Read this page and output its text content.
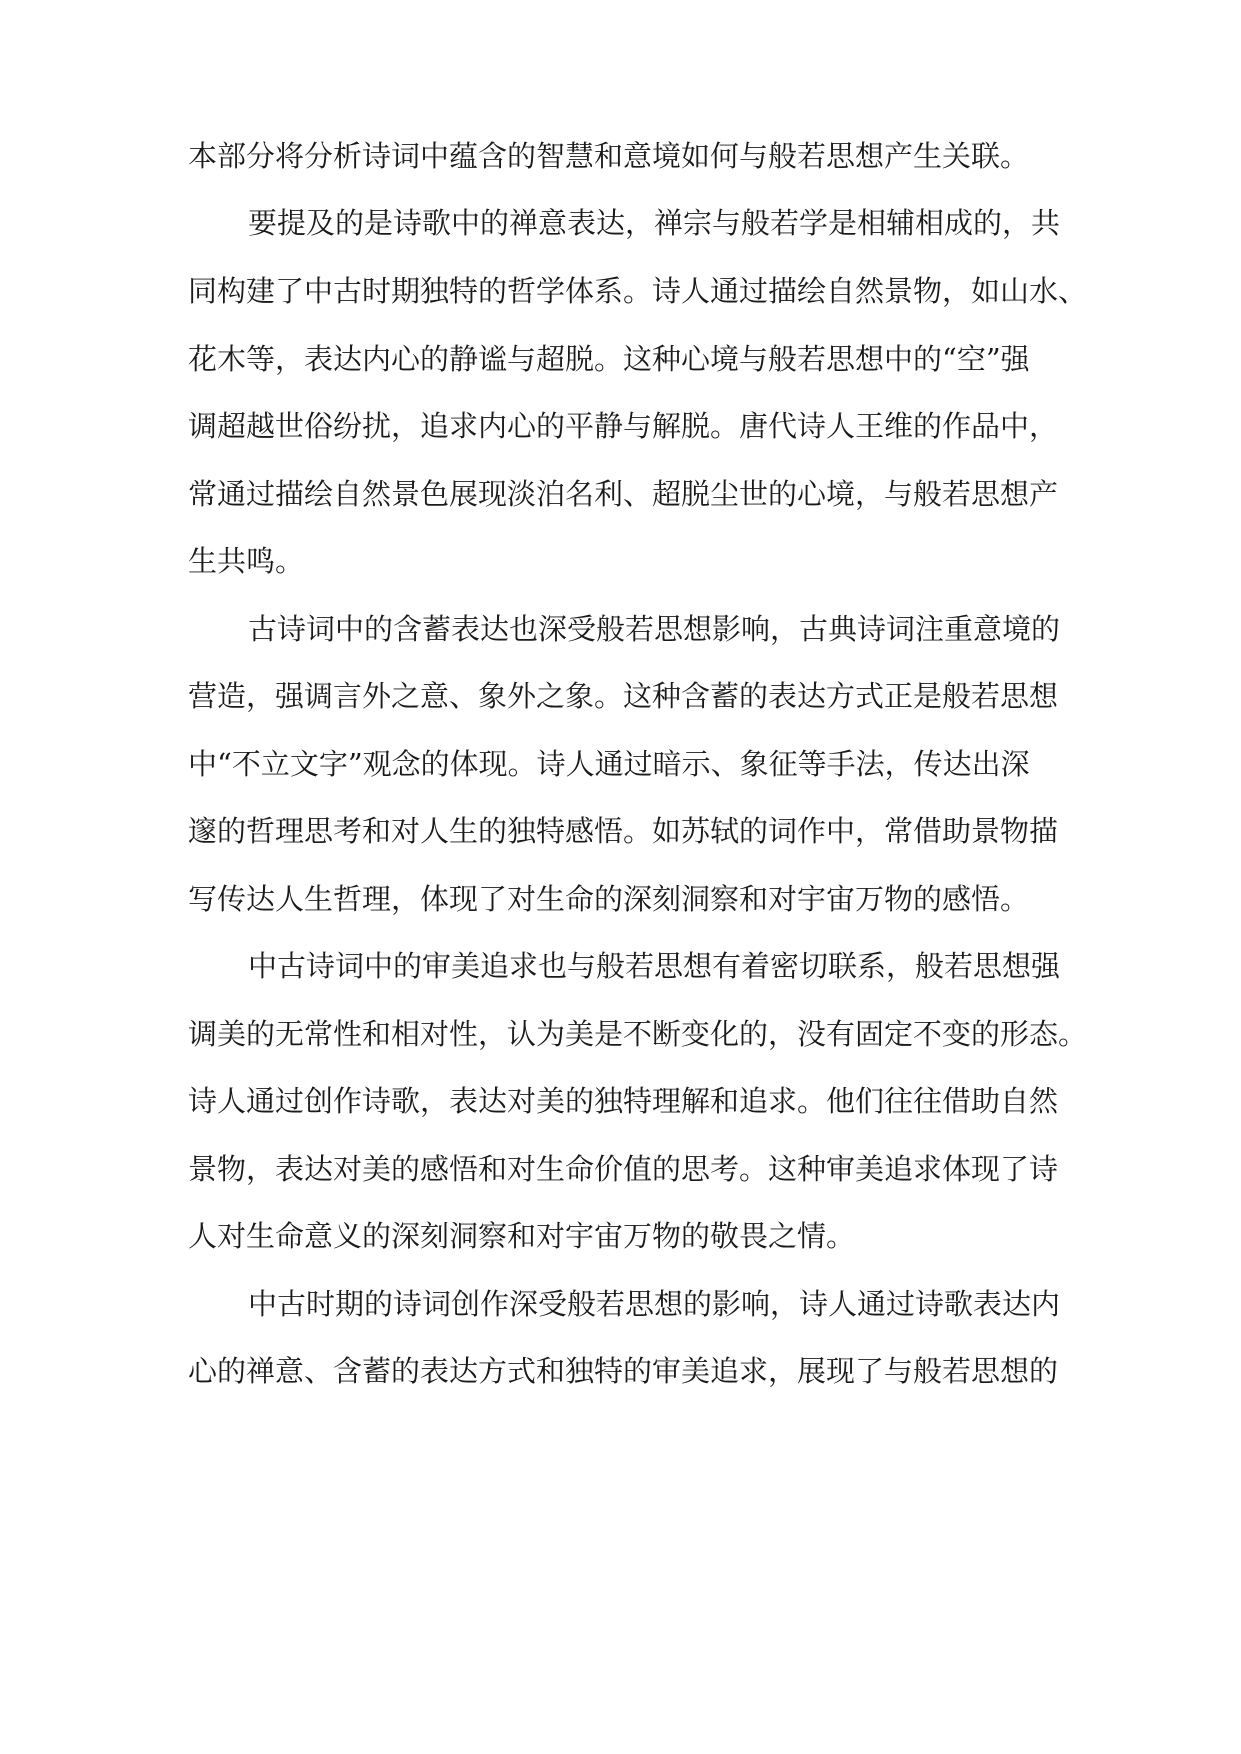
本部分将分析诗词中蕴含的智慧和意境如何与般若思想产生关联。
要提及的是诗歌中的禅意表达，禅宗与般若学是相辅相成的，共
同构建了中古时期独特的哲学体系。诗人通过描绘自然景物，如山水、
花木等，表达内心的静谧与超脱。这种心境与般若思想中的“空”强
调超越世俗纷扰，追求内心的平静与解脱。唐代诗人王维的作品中，
常通过描绘自然景色展现淡泊名利、超脱尘世的心境，与般若思想产
生共鸣。
古诗词中的含蓄表达也深受般若思想影响，古典诗词注重意境的
营造，强调言外之意、象外之象。这种含蓄的表达方式正是般若思想
中“不立文字”观念的体现。诗人通过暗示、象征等手法，传达出深
邃的哲理思考和对人生的独特感悟。如苏轼的词作中，常借助景物描
写传达人生哲理，体现了对生命的深刻洞察和对宇宙万物的感悟。
中古诗词中的审美追求也与般若思想有着密切联系，般若思想强
调美的无常性和相对性，认为美是不断变化的，没有固定不变的形态。
诗人通过创作诗歌，表达对美的独特理解和追求。他们往往借助自然
景物，表达对美的感悟和对生命价值的思考。这种审美追求体现了诗
人对生命意义的深刻洞察和对宇宙万物的敬畏之情。
中古时期的诗词创作深受般若思想的影响，诗人通过诗歌表达内
心的禅意、含蓄的表达方式和独特的审美追求，展现了与般若思想的
